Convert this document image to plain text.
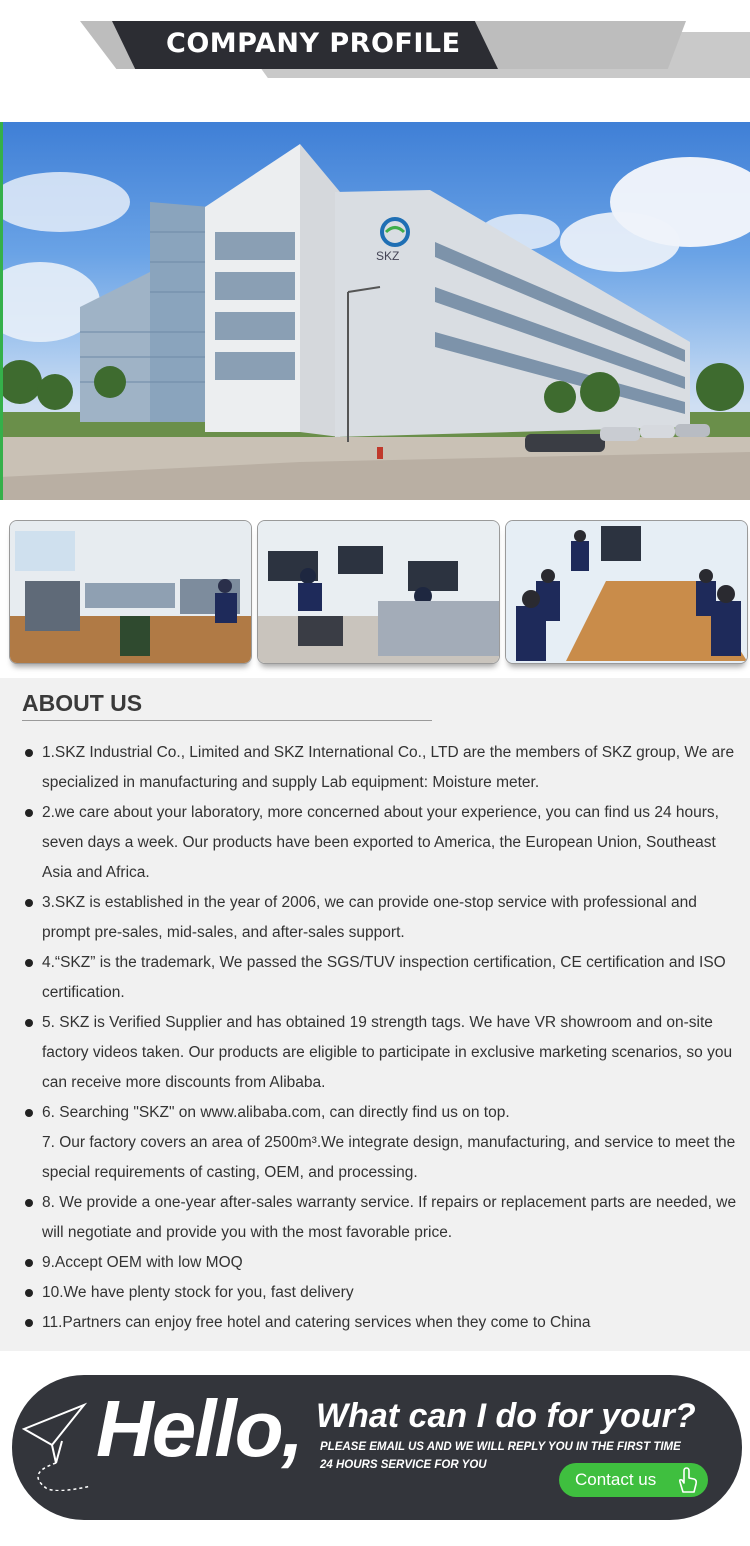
COMPANY PROFILE
SKZ
ABOUT US
1.SKZ Industrial Co., Limited and SKZ International Co., LTD are the members of SKZ group, We are specialized in manufacturing and supply Lab equipment: Moisture meter.
2.we care about your laboratory, more concerned about your experience, you can find us 24 hours, seven days a week. Our products have been exported to America, the European Union, Southeast Asia and Africa.
3.SKZ is established in the year of 2006, we can provide one-stop service with professional and prompt pre-sales, mid-sales, and after-sales support.
4.“SKZ” is the trademark, We passed the SGS/TUV inspection certification, CE certification and ISO certification.
5. SKZ is Verified Supplier and has obtained 19 strength tags. We have VR showroom and on-site factory videos taken. Our products are eligible to participate in exclusive marketing scenarios, so you can receive more discounts from Alibaba.
6. Searching "SKZ" on www.alibaba.com, can directly find us on top.
7. Our factory covers an area of 2500m³.We integrate design, manufacturing, and service to meet the special requirements of casting, OEM, and processing.
8. We provide a one-year after-sales warranty service. If repairs or replacement parts are needed, we will negotiate and provide you with the most favorable price.
9.Accept OEM with low MOQ
10.We have plenty stock for you, fast delivery
11.Partners can enjoy free hotel and catering services when they come to China
Hello, What can I do for your?
PLEASE EMAIL US AND WE WILL REPLY YOU IN THE FIRST TIME
24 HOURS SERVICE FOR YOU
Contact us
